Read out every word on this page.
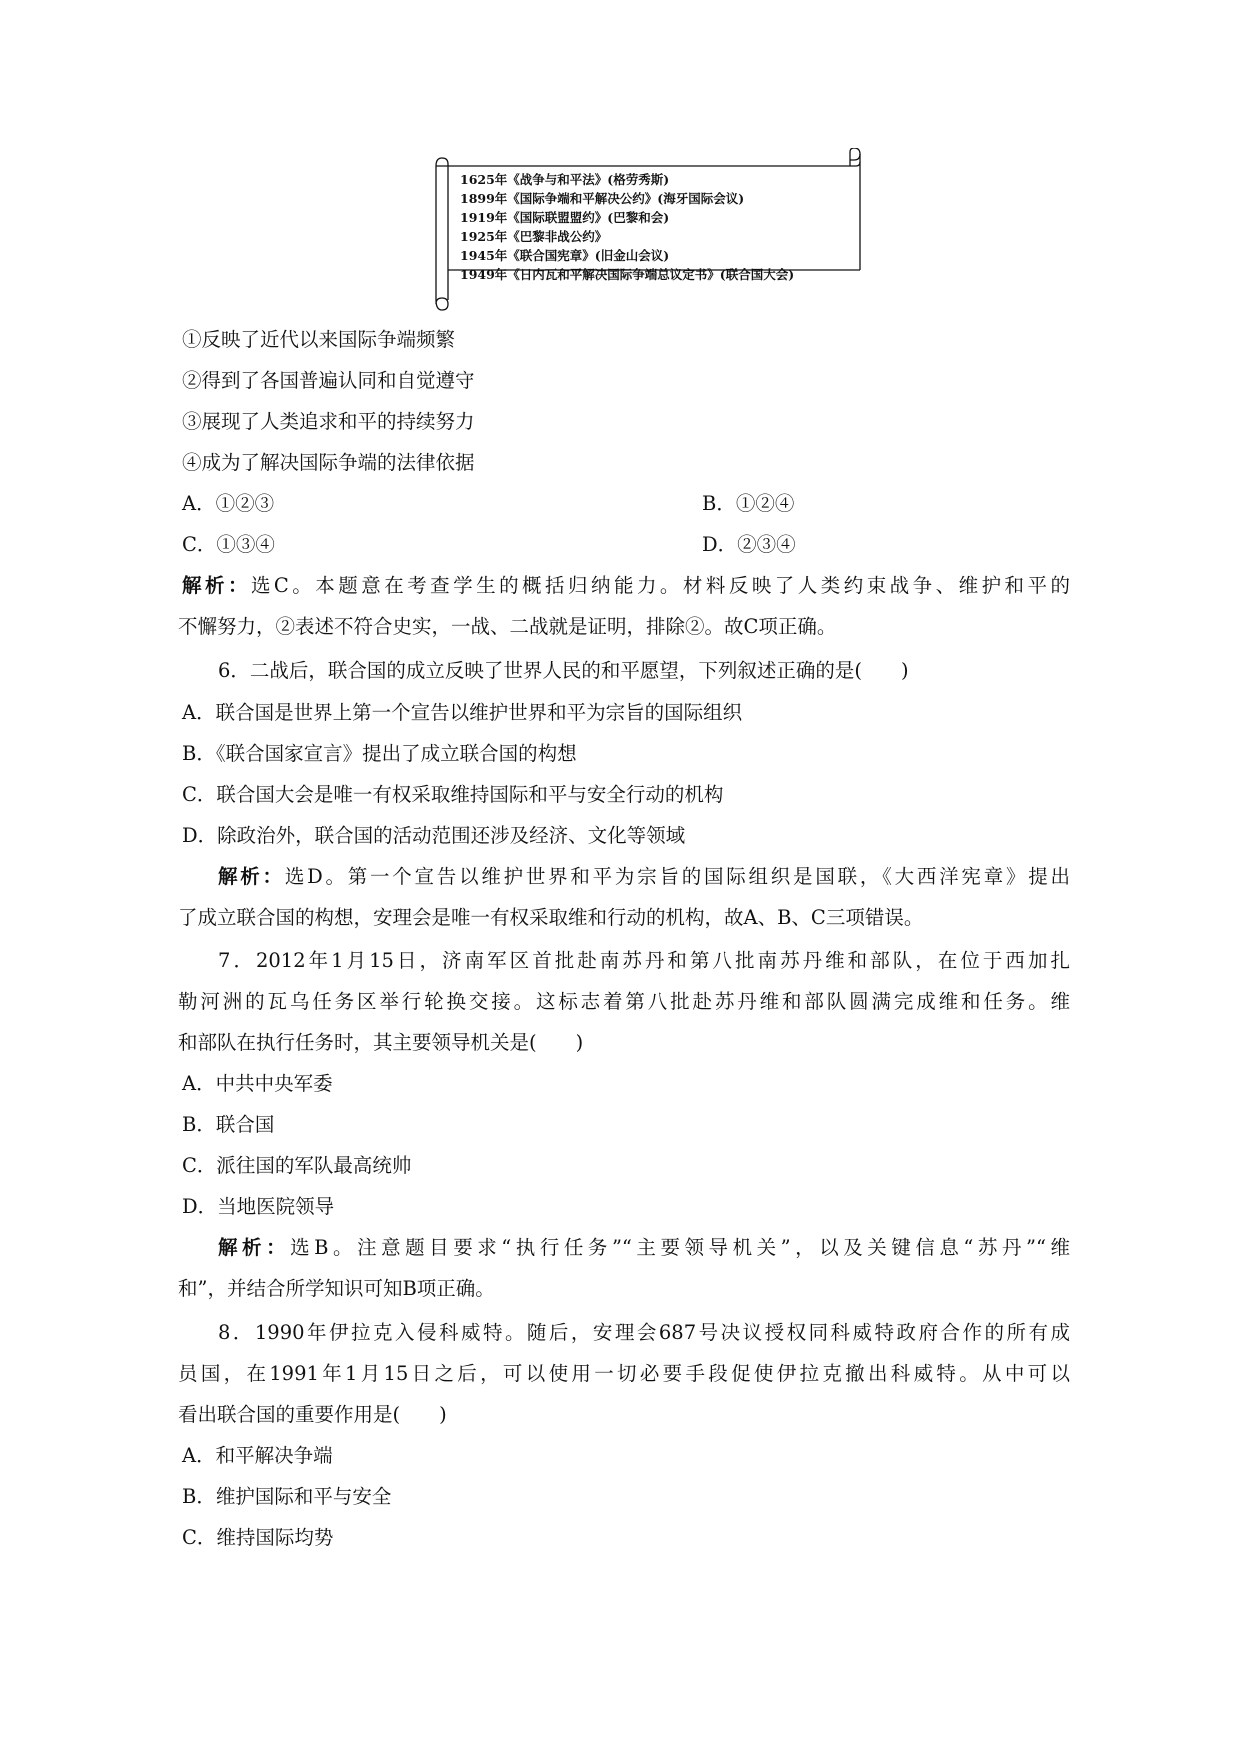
1625年《战争与和平法》(格劳秀斯)
1899年《国际争端和平解决公约》(海牙国际会议)
1919年《国际联盟盟约》(巴黎和会)
1925年《巴黎非战公约》
1945年《联合国宪章》(旧金山会议)
1949年《日内瓦和平解决国际争端总议定书》(联合国大会)
①反映了近代以来国际争端频繁
②得到了各国普遍认同和自觉遵守
③展现了人类追求和平的持续努力
④成为了解决国际争端的法律依据
A．①②③	B．①②④
C．①③④	D．②③④
解析：选C。本题意在考查学生的概括归纳能力。材料反映了人类约束战争、维护和平的
不懈努力，②表述不符合史实，一战、二战就是证明，排除②。故C项正确。
6．二战后，联合国的成立反映了世界人民的和平愿望，下列叙述正确的是(　　)
A．联合国是世界上第一个宣告以维护世界和平为宗旨的国际组织
B．《联合国家宣言》提出了成立联合国的构想
C．联合国大会是唯一有权采取维持国际和平与安全行动的机构
D．除政治外，联合国的活动范围还涉及经济、文化等领域
解析：选D。第一个宣告以维护世界和平为宗旨的国际组织是国联，《大西洋宪章》提出
了成立联合国的构想，安理会是唯一有权采取维和行动的机构，故A、B、C三项错误。
7．2012年1月15日，济南军区首批赴南苏丹和第八批南苏丹维和部队，在位于西加扎
勒河洲的瓦乌任务区举行轮换交接。这标志着第八批赴苏丹维和部队圆满完成维和任务。维
和部队在执行任务时，其主要领导机关是(　　)
A．中共中央军委
B．联合国
C．派往国的军队最高统帅
D．当地医院领导
解析：选B。注意题目要求“执行任务”“主要领导机关”，以及关键信息“苏丹”“维
和”，并结合所学知识可知B项正确。
8．1990年伊拉克入侵科威特。随后，安理会687号决议授权同科威特政府合作的所有成
员国，在1991年1月15日之后，可以使用一切必要手段促使伊拉克撤出科威特。从中可以
看出联合国的重要作用是(　　)
A．和平解决争端
B．维护国际和平与安全
C．维持国际均势
